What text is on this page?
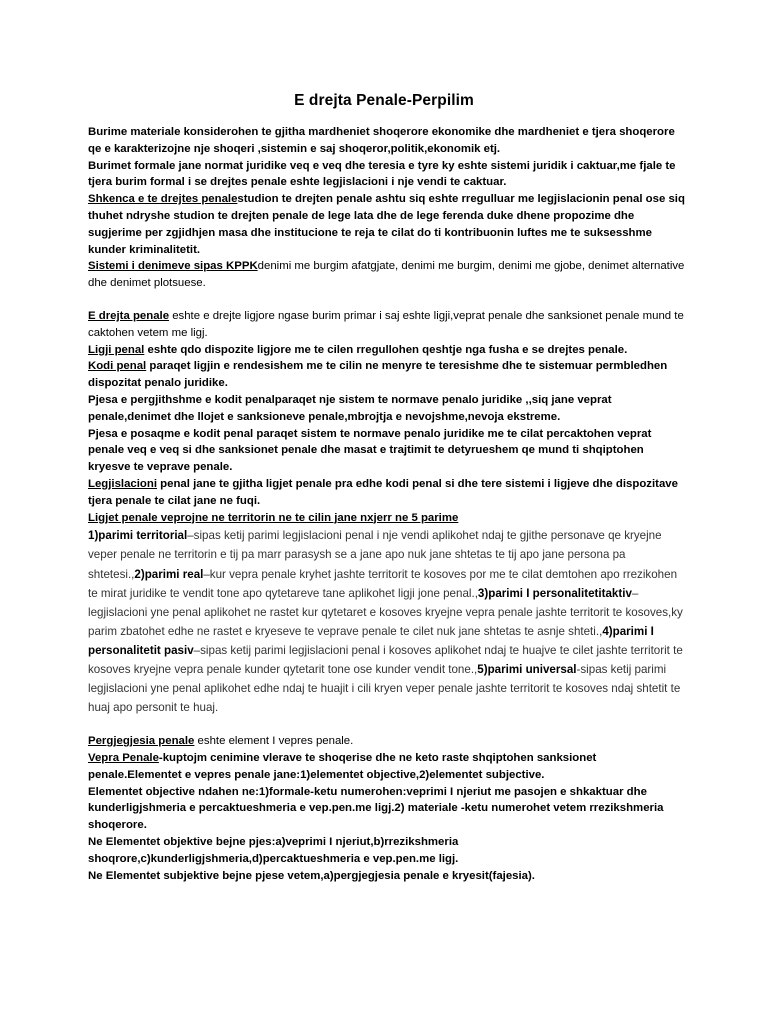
E drejta Penale-Perpilim

Burime materiale konsiderohen te gjitha mardheniet shoqerore ekonomike dhe mardheniet e tjera shoqerore qe e karakterizojne nje shoqeri ,sistemin e saj shoqeror,politik,ekonomik etj.

Burimet formale jane normat juridike veq e veq dhe teresia e tyre ky eshte sistemi juridik i caktuar,me fjale te tjera burim formal i se drejtes penale eshte legjislacioni i nje vendi te caktuar.

Shkenca e te drejtes penalestudion te drejten penale ashtu siq eshte rregulluar me legjislacionin penal ose siq thuhet ndryshe studion te drejten penale de lege lata dhe de lege ferenda duke dhene propozime dhe sugjerime per zgjidhjen masa dhe institucione te reja te cilat do ti kontribuonin luftes me te suksesshme kunder kriminalitetit.

Sistemi i denimeve sipas KPPKdenimi me burgim afatgjate, denimi me burgim, denimi me gjobe, denimet alternative dhe denimet plotsuese.

E drejta penale eshte e drejte ligjore ngase burim primar i saj eshte ligji,veprat penale dhe sanksionet penale mund te caktohen vetem me ligj.

Ligji penal eshte qdo dispozite ligjore me te cilen rregullohen qeshtje nga fusha e se drejtes penale.

Kodi penal paraqet ligjin e rendesishem me te cilin ne menyre te teresishme dhe te sistemuar permbledhen dispozitat penalo juridike.

Pjesa e pergjithshme e kodit penalparaqet nje sistem te normave penalo juridike ,,siq jane veprat penale,denimet dhe llojet e sanksioneve penale,mbrojtja e nevojshme,nevoja ekstreme.

Pjesa e posaqme e kodit penal paraqet sistem te normave penalo juridike me te cilat percaktohen veprat penale veq e veq si dhe sanksionet penale dhe masat e trajtimit te detyrueshem qe mund ti shqiptohen kryesve te veprave penale.

Legjislacioni penal jane te gjitha ligjet penale pra edhe kodi penal si dhe tere sistemi i ligjeve dhe dispozitave tjera penale te cilat jane ne fuqi.

Ligjet penale veprojne ne territorin ne te cilin jane nxjerr ne 5 parime

1)parimi territorial–sipas ketij parimi legjislacioni penal i nje vendi aplikohet ndaj te gjithe personave qe kryejne veper penale ne territorin e tij pa marr parasysh se a jane apo nuk jane shtetas te tij apo jane persona pa shtetesi.,2)parimi real–kur vepra penale kryhet jashte territorit te kosoves por me te cilat demtohen apo rrezikohen te mirat juridike te vendit tone apo qytetareve tane aplikohet ligji jone penal.,3)parimi I personalitetitaktiv–legjislacioni yne penal aplikohet ne rastet kur qytetaret e kosoves kryejne vepra penale jashte territorit te kosoves,ky parim zbatohet edhe ne rastet e kryeseve te veprave penale te cilet nuk jane shtetas te asnje shteti.,4)parimi I personalitetit pasiv–sipas ketij parimi legjislacioni penal i kosoves aplikohet ndaj te huajve te cilet jashte territorit te kosoves kryejne vepra penale kunder qytetarit tone ose kunder vendit tone.,5)parimi universal-sipas ketij parimi legjislacioni yne penal aplikohet edhe ndaj te huajit i cili kryen veper penale jashte territorit te kosoves ndaj shtetit te huaj apo personit te huaj.

Pergjegjesia penale eshte element I vepres penale.

Vepra Penale-kuptojm cenimine vlerave te shoqerise dhe ne keto raste shqiptohen sanksionet penale.Elementet e vepres penale jane:1)elementet objective,2)elementet subjective.

Elementet objective ndahen ne:1)formale-ketu numerohen:veprimi I njeriut me pasojen e shkaktuar dhe kunderligjshmeria e percaktueshmeria e vep.pen.me ligj.2) materiale -ketu numerohet vetem rrezikshmeria shoqerore.

Ne Elementet objektive bejne pjes:a)veprimi I njeriut,b)rrezikshmeria shoqrore,c)kunderligjshmeria,d)percaktueshmeria e vep.pen.me ligj.

Ne Elementet subjektive bejne pjese vetem,a)pergjegjesia penale e kryesit(fajesia).
